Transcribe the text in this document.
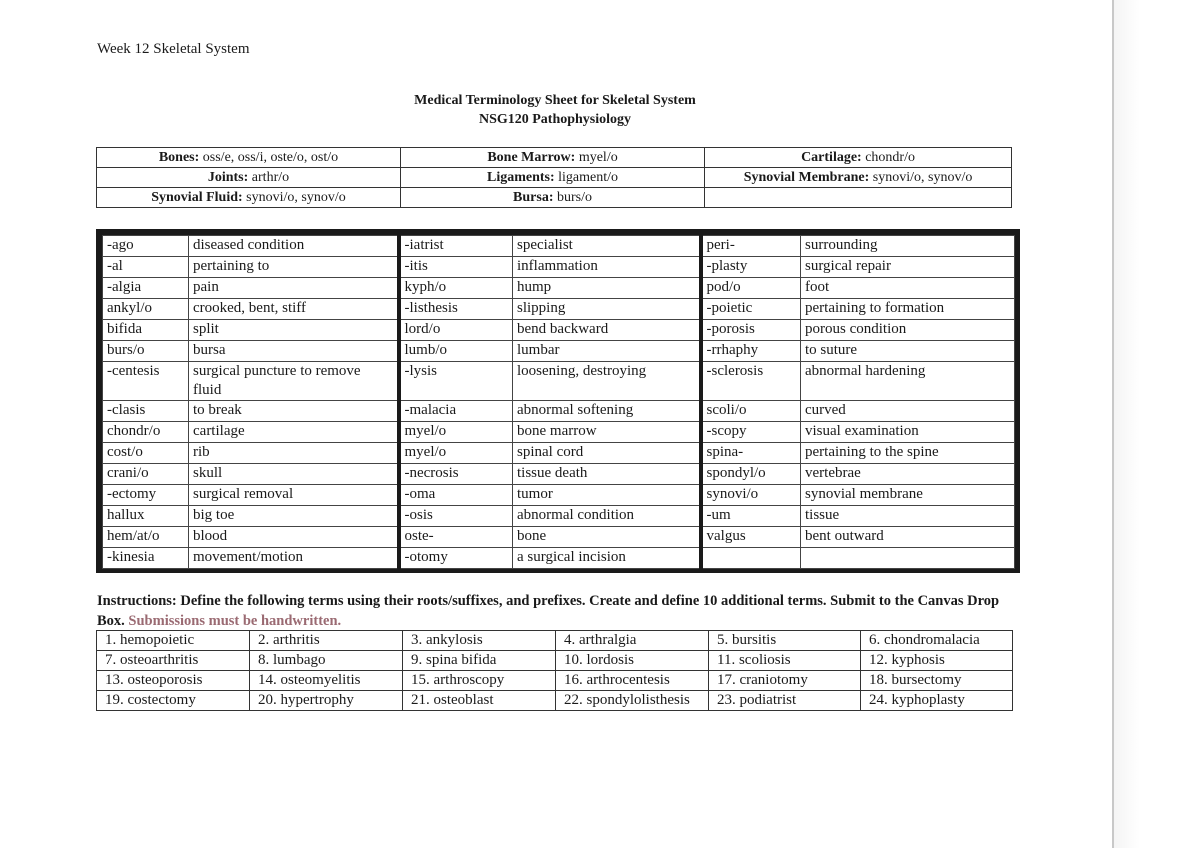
Week 12 Skeletal System
Medical Terminology Sheet for Skeletal System
NSG120 Pathophysiology
Bones: oss/e, oss/i, oste/o, ost/o	Bone Marrow: myel/o	Cartilage: chondr/o
Joints: arthr/o	Ligaments: ligament/o	Synovial Membrane: synovi/o, synov/o
Synovial Fluid: synovi/o, synov/o	Bursa: burs/o	
-ago	diseased condition	-iatrist	specialist	peri-	surrounding
-al	pertaining to	-itis	inflammation	-plasty	surgical repair
-algia	pain	kyph/o	hump	pod/o	foot
ankyl/o	crooked, bent, stiff	-listhesis	slipping	-poietic	pertaining to formation
bifida	split	lord/o	bend backward	-porosis	porous condition
burs/o	bursa	lumb/o	lumbar	-rrhaphy	to suture
-centesis	surgical puncture to remove fluid	-lysis	loosening, destroying	-sclerosis	abnormal hardening
-clasis	to break	-malacia	abnormal softening	scoli/o	curved
chondr/o	cartilage	myel/o	bone marrow	-scopy	visual examination
cost/o	rib	myel/o	spinal cord	spina-	pertaining to the spine
crani/o	skull	-necrosis	tissue death	spondyl/o	vertebrae
-ectomy	surgical removal	-oma	tumor	synovi/o	synovial membrane
hallux	big toe	-osis	abnormal condition	-um	tissue
hem/at/o	blood	oste-	bone	valgus	bent outward
-kinesia	movement/motion	-otomy	a surgical incision		
Instructions: Define the following terms using their roots/suffixes, and prefixes. Create and define 10 additional terms. Submit to the Canvas Drop Box. Submissions must be handwritten.
1. hemopoietic	2. arthritis	3. ankylosis	4. arthralgia	5. bursitis	6. chondromalacia
7. osteoarthritis	8. lumbago	9. spina bifida	10. lordosis	11. scoliosis	12. kyphosis
13. osteoporosis	14. osteomyelitis	15. arthroscopy	16. arthrocentesis	17. craniotomy	18. bursectomy
19. costectomy	20. hypertrophy	21. osteoblast	22. spondylolisthesis	23. podiatrist	24. kyphoplasty
